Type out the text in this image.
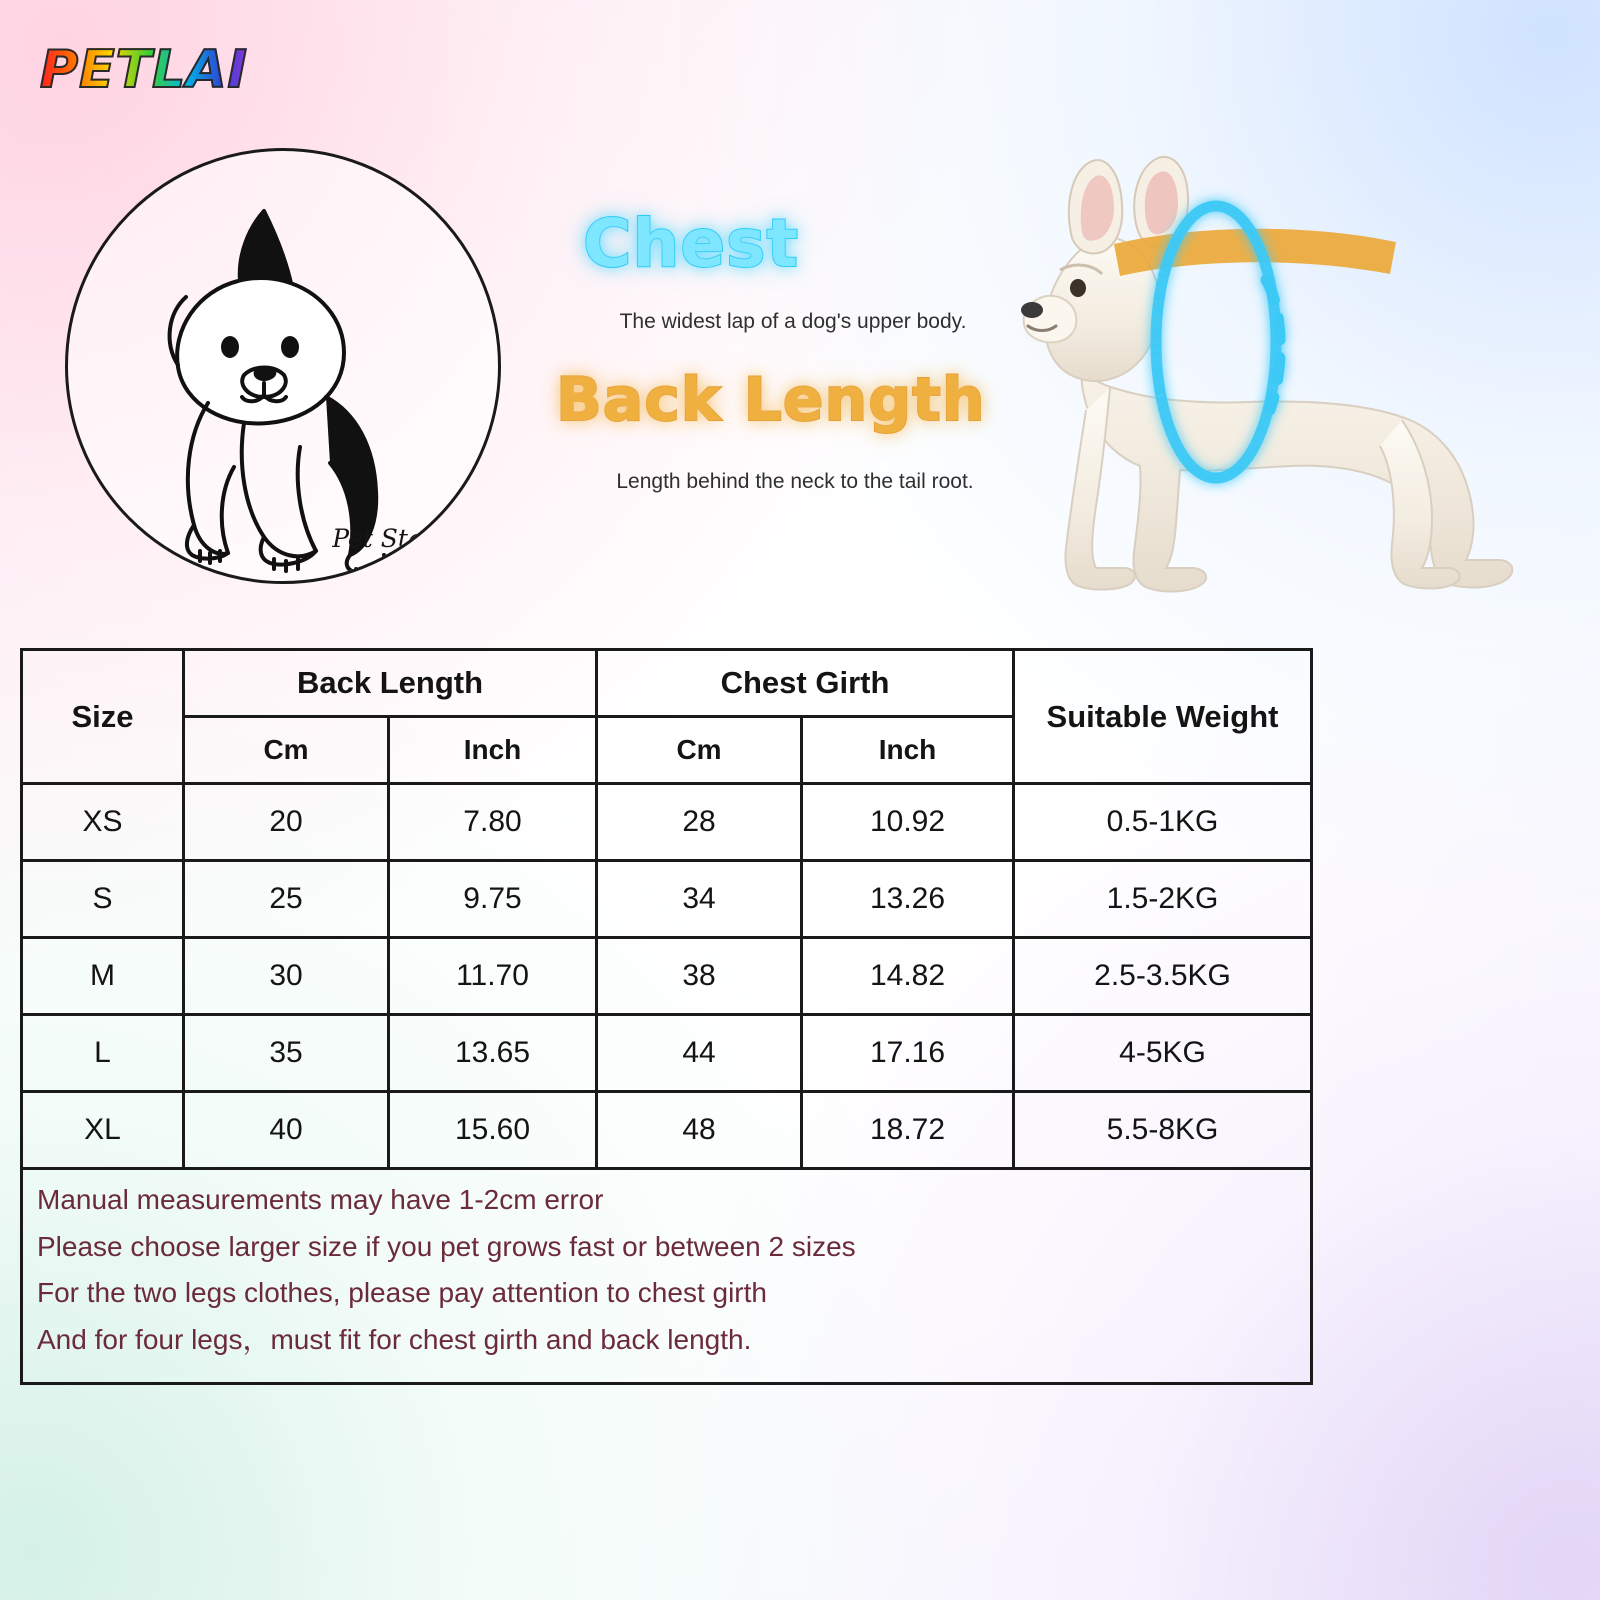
PETLAI
Pet Station
Chest
The widest lap of a dog's upper body.
Back Length
Length behind the neck to the tail root.
Size	Back Length		Chest Girth		Suitable Weight
	Cm	Inch	Cm	Inch	
XS	20	7.80	28	10.92	0.5-1KG
S	25	9.75	34	13.26	1.5-2KG
M	30	11.70	38	14.82	2.5-3.5KG
L	35	13.65	44	17.16	4-5KG
XL	40	15.60	48	18.72	5.5-8KG

Manual measurements may have 1-2cm error

Please choose larger size if you pet grows fast or between 2 sizes

For the two legs clothes, please pay attention to chest girth

And for four legs，must fit for chest girth and back length.					
